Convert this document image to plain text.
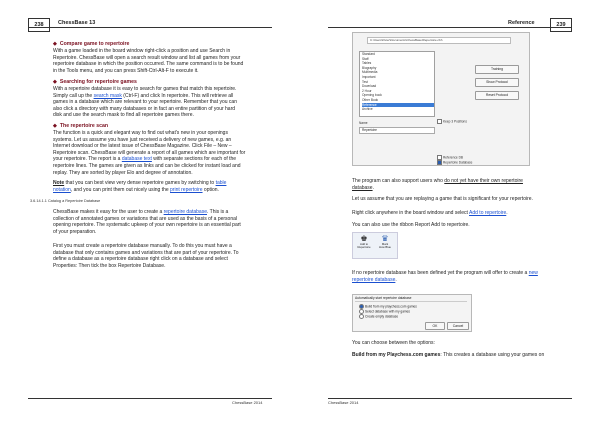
238	ChessBase 13
◆  Compare game to repertoire
With a game loaded in the board window right-click a position and use Search in
Repertoire. ChessBase will open a search result window and list all games from your
repertoire database in which the position occurred. The same command is to be found
in the Tools menu, and you can press Shift-Ctrl-Alt-F to execute it.
◆  Searching for repertoire games
With a repertoire database it is easy to search for games that match this repertoire.
Simply call up the search mask (Ctrl-F) and click In repertoire. This will retrieve all
games in a database which are relevant to your repertoire. Remember that you can
also click a directory with many databases or in fact an entire partition of your hard
disk and use the search mask to find all repertoire games there.
◆  The repertoire scan
The function is a quick and elegant way to find out what's new in your openings
systems. Let us assume you have just received a delivery of new games, e.g. an
Internet download or the latest issue of ChessBase Magazine. Click File – New –
Repertoire scan. ChessBase will generate a report of all games which are important for
your repertoire. The report is a database text with separate sections for each of the
repertoire lines. The games are given as links and can be clicked for instant load and
replay. They are sorted by player Elo and degree of annotation.
Note that you can best view very dense repertoire games by switching to table
notation, and you can print them out nicely using the print repertoire option.
3.6.14.1.1 Catalog a Repertoire Database
ChessBase makes it easy for the user to create a repertoire database. This is a
collection of annotated games or variations that are used as the basis of a personal
opening repertoire. The systematic upkeep of your own repertoire is an essential part
of your preparation.
First you must create a repertoire database manually. To do this you must have a
database that only contains games and variations that are part of your repertoire. To
define a database as a repertoire database right click on a database and select
Properties: Then tick the box Repertoire Database.
ChessBase 2014
Reference	239
C:\Users\Peter\Documents\ChessBase\Repertoire.cbh
Standard
Staff
Tables
Biography
Multimedia
Important
Test
Download
2 Hour
Opening book
Other Book
Reference
Archive
Training
Show Protocol
Reset Protocol
Name
Repertoire
Keep 3 Positions
Reference DB
Repertoire Database
The program can also support users who do not yet have their own repertoire
database.
Let us assume that you are replaying a game that is significant for your repertoire.
Right click anywhere in the board window and select Add to repertoire.
You can also use the ribbon Report Add to repertoire.
♚
Add to
Repertoire
♛
Mark
How Blue
If no repertoire database has been defined yet the program will offer to create a new
repertoire database.
Automatically start repertoire database
Build from my playchess.com games
Select database with my games
Create empty database
OK	Cancel
You can choose between the options:
Build from my Playchess.com games: This creates a database using your games on
ChessBase 2014
